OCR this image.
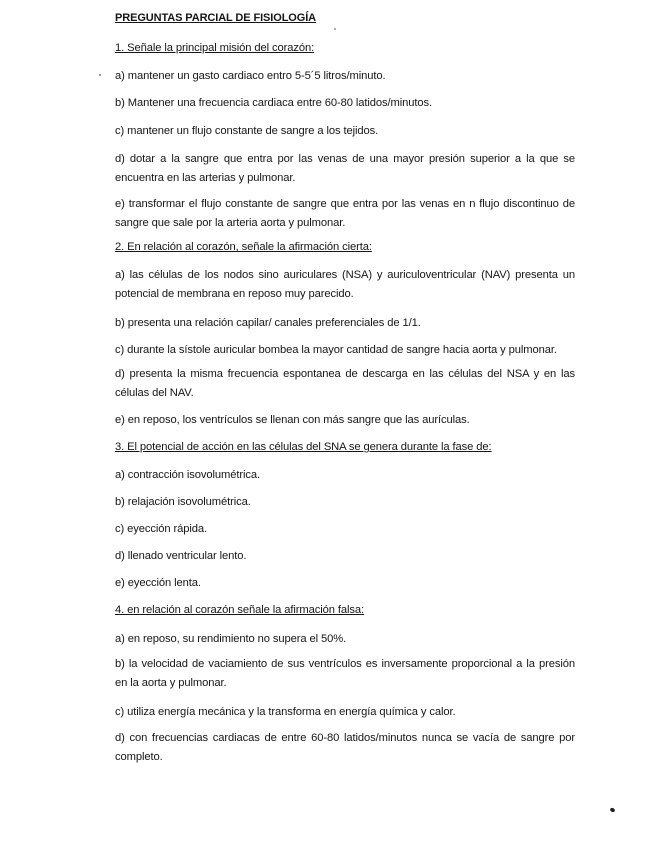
PREGUNTAS PARCIAL DE FISIOLOGÍA
1. Señale la principal misión del corazón:
a) mantener un gasto cardiaco entro 5-5´5 litros/minuto.
b) Mantener una frecuencia cardiaca entre 60-80 latidos/minutos.
c) mantener un flujo constante de sangre a los tejidos.
d) dotar a la sangre que entra por las venas de una mayor presión superior a la que se encuentra en las arterias y pulmonar.
e) transformar el flujo constante de sangre que entra por las venas en n flujo discontinuo de sangre que sale por la arteria aorta y pulmonar.
2. En relación al corazón, señale la afirmación cierta:
a) las células de los nodos sino auriculares (NSA) y auriculoventricular (NAV) presenta un potencial de membrana en reposo muy parecido.
b) presenta una relación capilar/ canales preferenciales de 1/1.
c) durante la sístole auricular bombea la mayor cantidad de sangre hacia aorta y pulmonar.
d) presenta la misma frecuencia espontanea de descarga en las células del NSA y en las células del NAV.
e) en reposo, los ventrículos se llenan con más sangre que las aurículas.
3. El potencial de acción en las células del SNA se genera durante la fase de:
a) contracción isovolumétrica.
b) relajación isovolumétrica.
c) eyección rápida.
d) llenado ventricular lento.
e) eyección lenta.
4. en relación al corazón señale la afirmación falsa:
a) en reposo, su rendimiento no supera el 50%.
b) la velocidad de vaciamiento de sus ventrículos es inversamente proporcional a la presión en la aorta y pulmonar.
c) utiliza energía mecánica y la transforma en energía química y calor.
d) con frecuencias cardiacas de entre 60-80 latidos/minutos nunca se vacía de sangre por completo.
